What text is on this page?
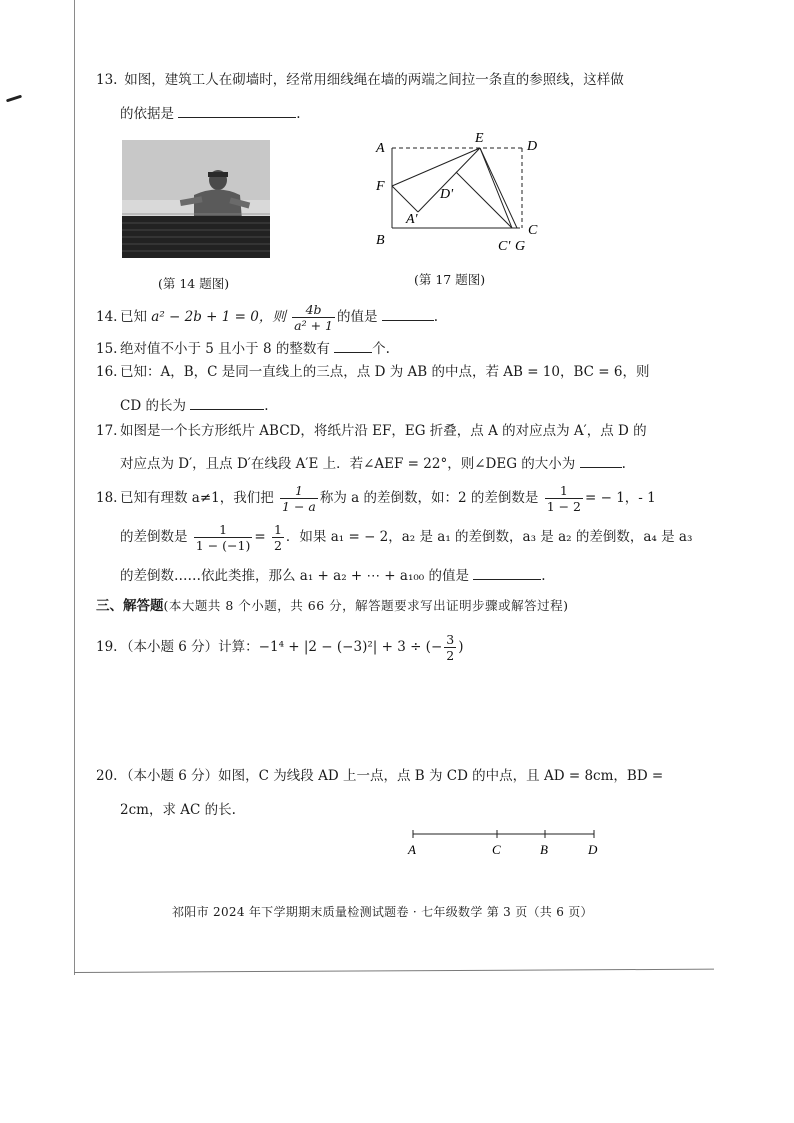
13. 如图，建筑工人在砌墙时，经常用细线绳在墙的两端之间拉一条直的参照线，这样做
的依据是	.
(第 14 题图)
A
E
D
F
D'
A'
B
C
C' G
(第 17 题图)
14. 已知 a² − 2b + 1 = 0，则 $\frac{4b}{\text{a² + 1}}$ 的值是	.
15. 绝对值不小于 5 且小于 8 的整数有	个.
16. 已知：A，B，C 是同一直线上的三点，点 D 为 AB 的中点，若 AB = 10，BC = 6，则
CD 的长为	.
17. 如图是一个长方形纸片 ABCD，将纸片沿 EF，EG 折叠，点 A 的对应点为 A′，点 D 的
对应点为 D′，且点 D′在线段 A′E 上．若∠AEF = 22°，则∠DEG 的大小为	.
18. 已知有理数 a≠1，我们把 $\frac{1}{1 - a}$ 称为 a 的差倒数，如：2 的差倒数是 $\frac{1}{1 - 2}$ = − 1，- 1
的差倒数是 $\frac{1}{1 - (-1)} = \frac{1}{2}$ ．如果 a₁ = − 2，a₂ 是 a₁ 的差倒数，a₃ 是 a₂ 的差倒数，a₄ 是 a₃
的差倒数……依此类推，那么 a₁ + a₂ + ⋯ + a₁₀₀ 的值是	.
三、解答题(本大题共 8 个小题，共 66 分，解答题要求写出证明步骤或解答过程)
19. （本小题 6 分）计算：−1⁴ + |2 − (−3)²| + 3 ÷ (− $\frac{3}{2}$ )
20. （本小题 6 分）如图，C 为线段 AD 上一点，点 B 为 CD 的中点，且 AD = 8cm，BD =
2cm，求 AC 的长.
A	C	B	D
祁阳市 2024 年下学期期末质量检测试题卷 · 七年级数学 第 3 页（共 6 页）
